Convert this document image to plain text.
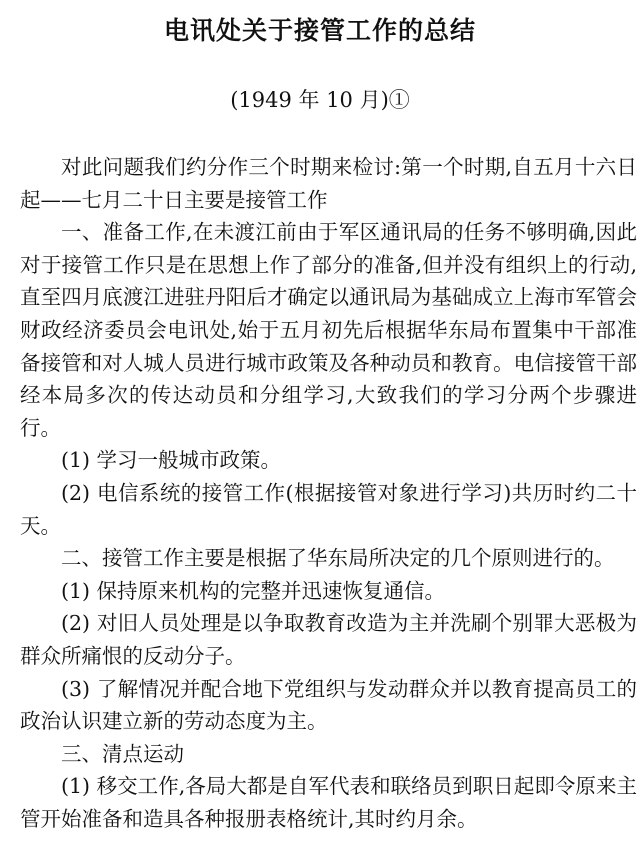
电讯处关于接管工作的总结

(1949 年 10 月)①

对此问题我们约分作三个时期来检讨:第一个时期,自五月十六日起——七月二十日主要是接管工作

一、准备工作,在未渡江前由于军区通讯局的任务不够明确,因此对于接管工作只是在思想上作了部分的准备,但并没有组织上的行动,直至四月底渡江进驻丹阳后才确定以通讯局为基础成立上海市军管会财政经济委员会电讯处,始于五月初先后根据华东局布置集中干部准备接管和对人城人员进行城市政策及各种动员和教育。电信接管干部经本局多次的传达动员和分组学习,大致我们的学习分两个步骤进行。

(1) 学习一般城市政策。

(2) 电信系统的接管工作(根据接管对象进行学习)共历时约二十天。

二、接管工作主要是根据了华东局所决定的几个原则进行的。

(1) 保持原来机构的完整并迅速恢复通信。

(2) 对旧人员处理是以争取教育改造为主并洗刷个别罪大恶极为群众所痛恨的反动分子。

(3) 了解情况并配合地下党组织与发动群众并以教育提高员工的政治认识建立新的劳动态度为主。

三、清点运动

(1) 移交工作,各局大都是自军代表和联络员到职日起即令原来主管开始准备和造具各种报册表格统计,其时约月余。
